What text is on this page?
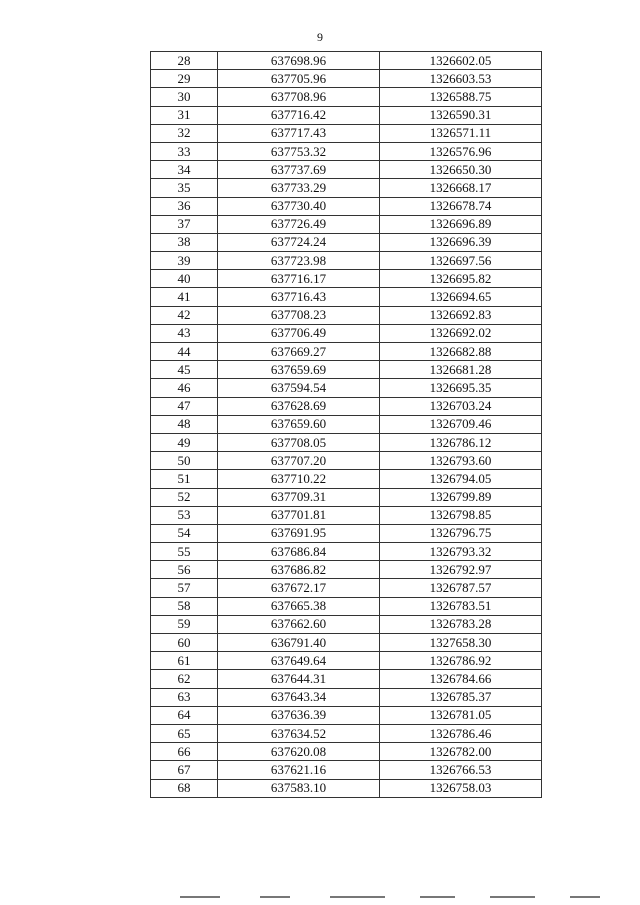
9
28	637698.96	1326602.05
29	637705.96	1326603.53
30	637708.96	1326588.75
31	637716.42	1326590.31
32	637717.43	1326571.11
33	637753.32	1326576.96
34	637737.69	1326650.30
35	637733.29	1326668.17
36	637730.40	1326678.74
37	637726.49	1326696.89
38	637724.24	1326696.39
39	637723.98	1326697.56
40	637716.17	1326695.82
41	637716.43	1326694.65
42	637708.23	1326692.83
43	637706.49	1326692.02
44	637669.27	1326682.88
45	637659.69	1326681.28
46	637594.54	1326695.35
47	637628.69	1326703.24
48	637659.60	1326709.46
49	637708.05	1326786.12
50	637707.20	1326793.60
51	637710.22	1326794.05
52	637709.31	1326799.89
53	637701.81	1326798.85
54	637691.95	1326796.75
55	637686.84	1326793.32
56	637686.82	1326792.97
57	637672.17	1326787.57
58	637665.38	1326783.51
59	637662.60	1326783.28
60	636791.40	1327658.30
61	637649.64	1326786.92
62	637644.31	1326784.66
63	637643.34	1326785.37
64	637636.39	1326781.05
65	637634.52	1326786.46
66	637620.08	1326782.00
67	637621.16	1326766.53
68	637583.10	1326758.03
